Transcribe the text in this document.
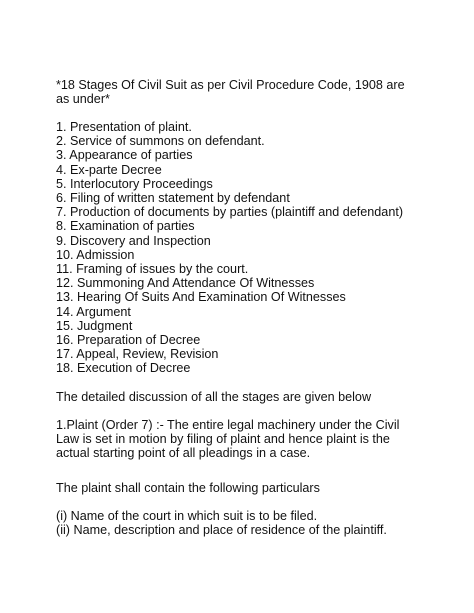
*18 Stages Of Civil Suit as per Civil Procedure Code, 1908 are
as under*
1. Presentation of plaint.
2. Service of summons on defendant.
3. Appearance of parties
4. Ex-parte Decree
5. Interlocutory Proceedings
6. Filing of written statement by defendant
7. Production of documents by parties (plaintiff and defendant)
8. Examination of parties
9. Discovery and Inspection
10. Admission
11. Framing of issues by the court.
12. Summoning And Attendance Of Witnesses
13. Hearing Of Suits And Examination Of Witnesses
14. Argument
15. Judgment
16. Preparation of Decree
17. Appeal, Review, Revision
18. Execution of Decree
The detailed discussion of all the stages are given below
1.Plaint (Order 7) :- The entire legal machinery under the Civil
Law is set in motion by filing of plaint and hence plaint is the
actual starting point of all pleadings in a case.
The plaint shall contain the following particulars
(i) Name of the court in which suit is to be filed.
(ii) Name, description and place of residence of the plaintiff.
